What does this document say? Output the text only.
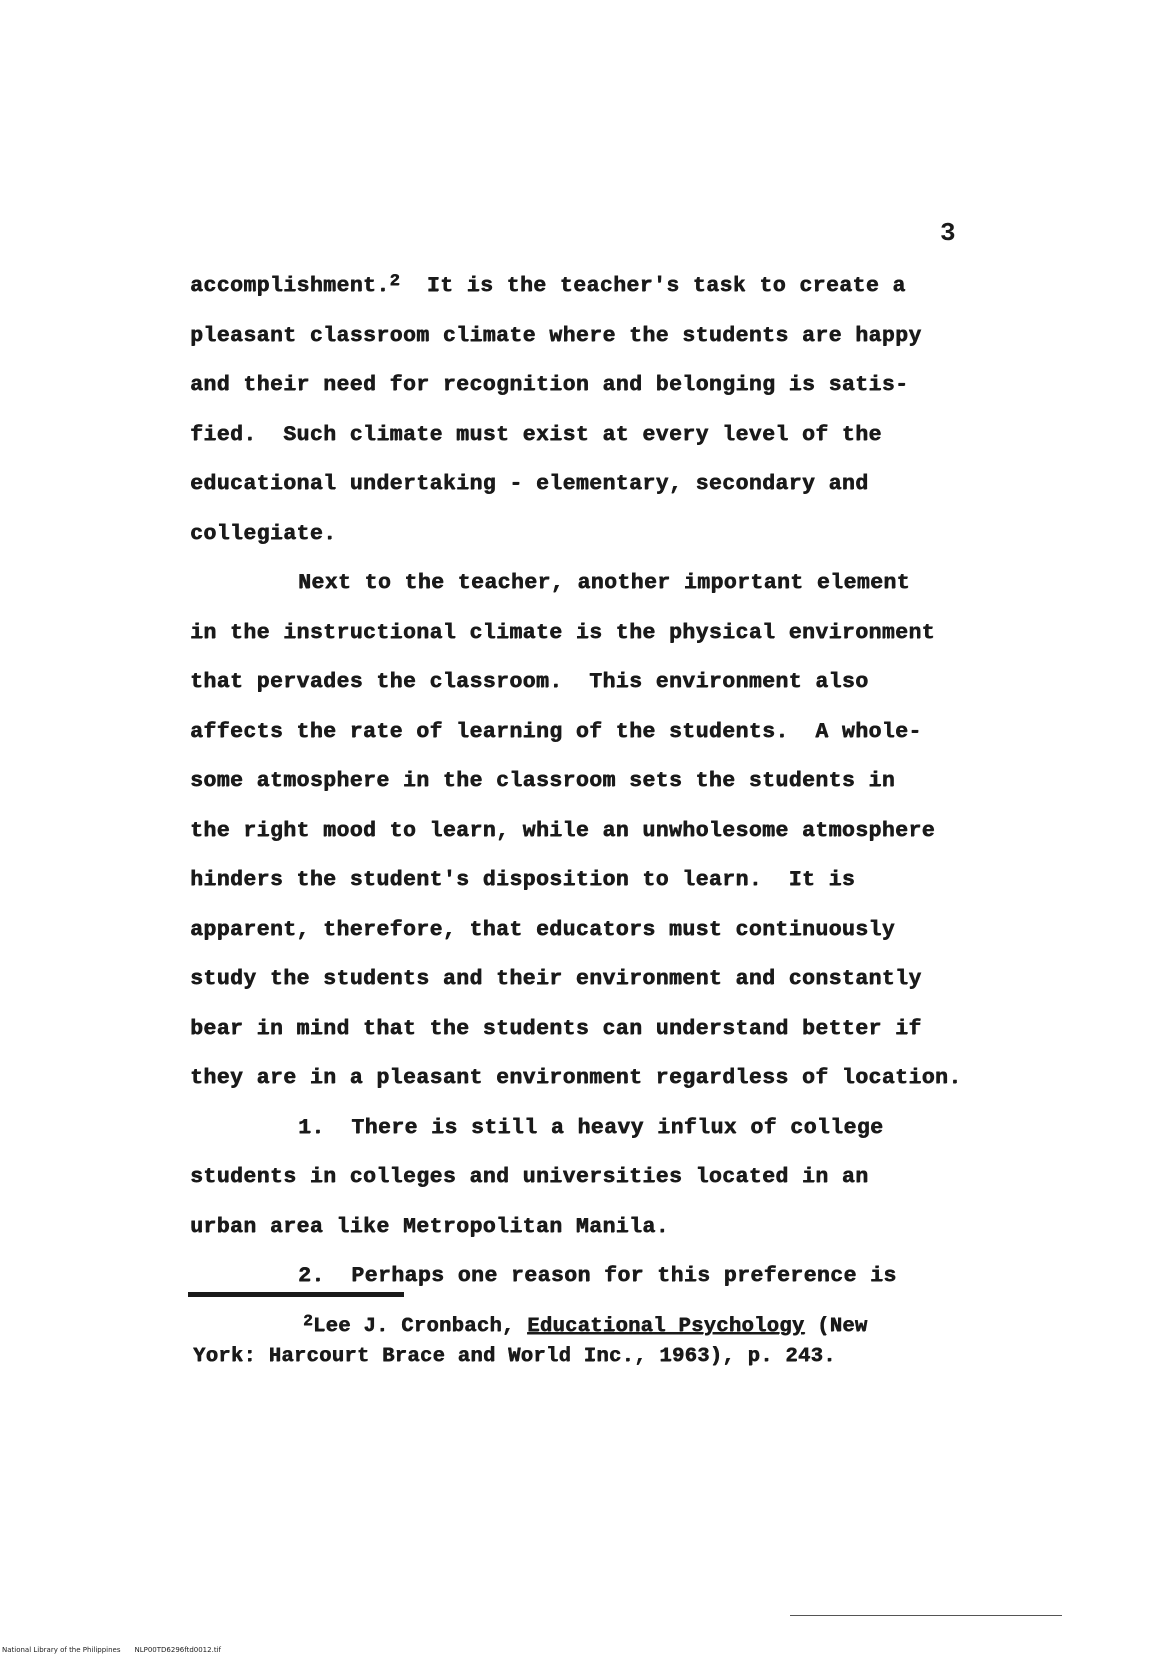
3
accomplishment.$^2$  It is the teacher's task to create a
pleasant classroom climate where the students are happy
and their need for recognition and belonging is satis-
fied.  Such climate must exist at every level of the
educational undertaking - elementary, secondary and
collegiate.
Next to the teacher, another important element
in the instructional climate is the physical environment
that pervades the classroom.  This environment also
affects the rate of learning of the students.  A whole-
some atmosphere in the classroom sets the students in
the right mood to learn, while an unwholesome atmosphere
hinders the student's disposition to learn.  It is
apparent, therefore, that educators must continuously
study the students and their environment and constantly
bear in mind that the students can understand better if
they are in a pleasant environment regardless of location.
1.  There is still a heavy influx of college
students in colleges and universities located in an
urban area like Metropolitan Manila.
2.  Perhaps one reason for this preference is
$^2$Lee J. Cronbach, Educational Psychology (New
York: Harcourt Brace and World Inc., 1963), p. 243.
National Library of the Philippines NLP00TD6296ftd0012.tif
